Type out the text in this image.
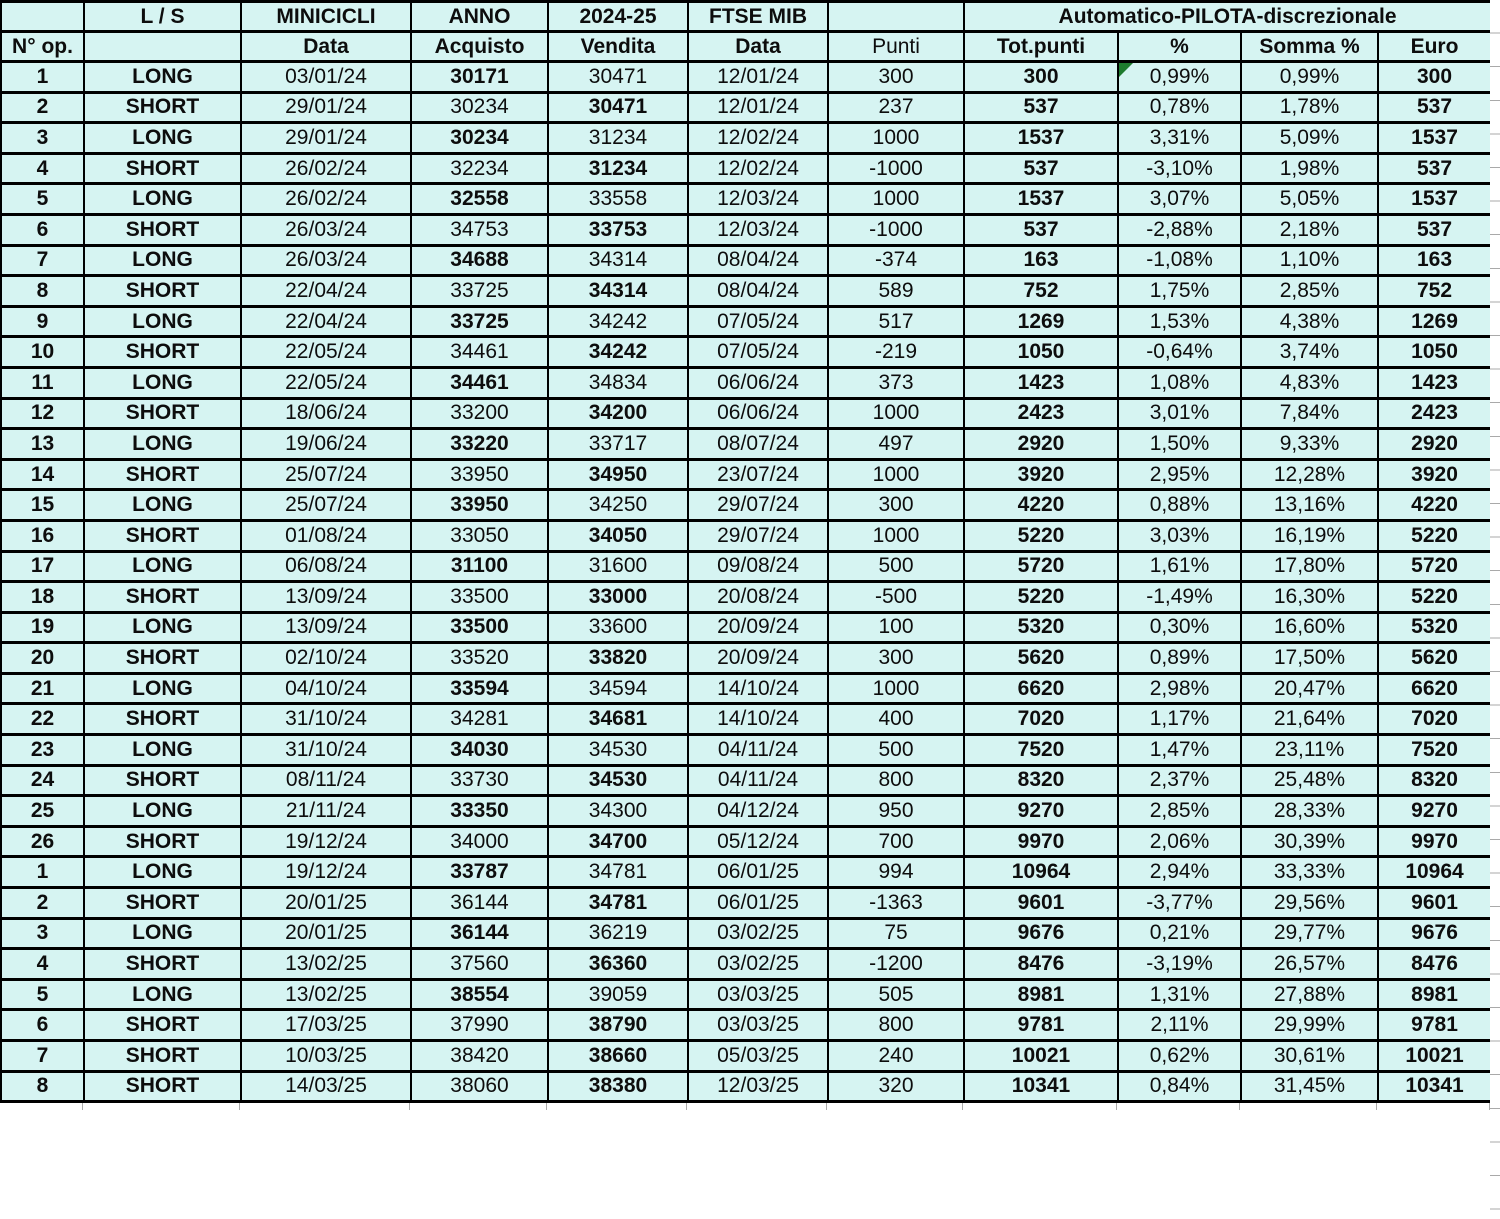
	L / S	MINICICLI	ANNO	2024-25	FTSE MIB		Automatico-PILOTA-discrezionale			
N° op.		Data	Acquisto	Vendita	Data	Punti	Tot.punti	%	Somma %	Euro
1	LONG	03/01/24	30171	30471	12/01/24	300	300	0,99%	0,99%	300
2	SHORT	29/01/24	30234	30471	12/01/24	237	537	0,78%	1,78%	537
3	LONG	29/01/24	30234	31234	12/02/24	1000	1537	3,31%	5,09%	1537
4	SHORT	26/02/24	32234	31234	12/02/24	-1000	537	-3,10%	1,98%	537
5	LONG	26/02/24	32558	33558	12/03/24	1000	1537	3,07%	5,05%	1537
6	SHORT	26/03/24	34753	33753	12/03/24	-1000	537	-2,88%	2,18%	537
7	LONG	26/03/24	34688	34314	08/04/24	-374	163	-1,08%	1,10%	163
8	SHORT	22/04/24	33725	34314	08/04/24	589	752	1,75%	2,85%	752
9	LONG	22/04/24	33725	34242	07/05/24	517	1269	1,53%	4,38%	1269
10	SHORT	22/05/24	34461	34242	07/05/24	-219	1050	-0,64%	3,74%	1050
11	LONG	22/05/24	34461	34834	06/06/24	373	1423	1,08%	4,83%	1423
12	SHORT	18/06/24	33200	34200	06/06/24	1000	2423	3,01%	7,84%	2423
13	LONG	19/06/24	33220	33717	08/07/24	497	2920	1,50%	9,33%	2920
14	SHORT	25/07/24	33950	34950	23/07/24	1000	3920	2,95%	12,28%	3920
15	LONG	25/07/24	33950	34250	29/07/24	300	4220	0,88%	13,16%	4220
16	SHORT	01/08/24	33050	34050	29/07/24	1000	5220	3,03%	16,19%	5220
17	LONG	06/08/24	31100	31600	09/08/24	500	5720	1,61%	17,80%	5720
18	SHORT	13/09/24	33500	33000	20/08/24	-500	5220	-1,49%	16,30%	5220
19	LONG	13/09/24	33500	33600	20/09/24	100	5320	0,30%	16,60%	5320
20	SHORT	02/10/24	33520	33820	20/09/24	300	5620	0,89%	17,50%	5620
21	LONG	04/10/24	33594	34594	14/10/24	1000	6620	2,98%	20,47%	6620
22	SHORT	31/10/24	34281	34681	14/10/24	400	7020	1,17%	21,64%	7020
23	LONG	31/10/24	34030	34530	04/11/24	500	7520	1,47%	23,11%	7520
24	SHORT	08/11/24	33730	34530	04/11/24	800	8320	2,37%	25,48%	8320
25	LONG	21/11/24	33350	34300	04/12/24	950	9270	2,85%	28,33%	9270
26	SHORT	19/12/24	34000	34700	05/12/24	700	9970	2,06%	30,39%	9970
1	LONG	19/12/24	33787	34781	06/01/25	994	10964	2,94%	33,33%	10964
2	SHORT	20/01/25	36144	34781	06/01/25	-1363	9601	-3,77%	29,56%	9601
3	LONG	20/01/25	36144	36219	03/02/25	75	9676	0,21%	29,77%	9676
4	SHORT	13/02/25	37560	36360	03/02/25	-1200	8476	-3,19%	26,57%	8476
5	LONG	13/02/25	38554	39059	03/03/25	505	8981	1,31%	27,88%	8981
6	SHORT	17/03/25	37990	38790	03/03/25	800	9781	2,11%	29,99%	9781
7	SHORT	10/03/25	38420	38660	05/03/25	240	10021	0,62%	30,61%	10021
8	SHORT	14/03/25	38060	38380	12/03/25	320	10341	0,84%	31,45%	10341
